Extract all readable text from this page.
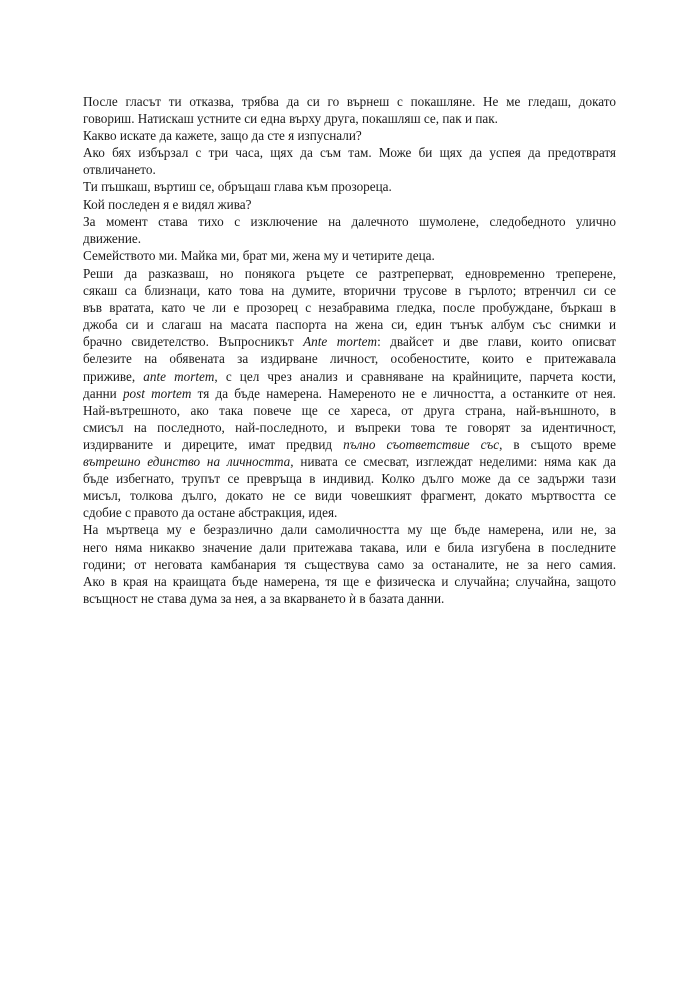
После гласът ти отказва, трябва да си го върнеш с покашляне. Не ме гледаш, докато
говориш. Натискаш устните си една върху друга, покашляш се, пак и пак.
Какво искате да кажете, защо да сте я изпуснали?
Ако бях избързал с три часа, щях да съм там. Може би щях да успея да предотвратя
отвличането.
Ти пъшкаш, въртиш се, обръщаш глава към прозореца.
Кой последен я е видял жива?
За момент става тихо с изключение на далечното шумолене, следобедното улично
движение.
Семейството ми. Майка ми, брат ми, жена му и четирите деца.
Реши да разказваш, но понякога ръцете се разтреперват, едновременно треперене,
сякаш са близнаци, като това на думите, вторични трусове в гърлото; втренчил си се
във вратата, като че ли е прозорец с незабравима гледка, после пробуждане, бъркаш в
джоба си и слагаш на масата паспорта на жена си, един тънък албум със снимки и
брачно свидетелство. Въпросникът Ante mortem: двайсет и две глави, които описват
белезите на обявената за издирване личност, особеностите, които е притежавала
приживе, ante mortem, с цел чрез анализ и сравняване на крайниците, парчета кости,
данни post mortem тя да бъде намерена. Намереното не е личността, а останките от нея.
Най-вътрешното, ако така повече ще се хареса, от друга страна, най-външното, в
смисъл на последното, най-последното, и въпреки това те говорят за идентичност,
издирваните и диреците, имат предвид пълно съответствие със, в същото време
вътрешно единство на личността, нивата се смесват, изглеждат неделими: няма как да
бъде избегнато, трупът се превръща в индивид. Колко дълго може да се задържи тази
мисъл, толкова дълго, докато не се види човешкият фрагмент, докато мъртвостта се
сдобие с правото да остане абстракция, идея.
На мъртвеца му е безразлично дали самоличността му ще бъде намерена, или не, за
него няма никакво значение дали притежава такава, или е била изгубена в последните
години; от неговата камбанария тя съществува само за останалите, не за него самия.
Ако в края на краищата бъде намерена, тя ще е физическа и случайна; случайна, защото
всъщност не става дума за нея, а за вкарването ѝ в базата данни.
